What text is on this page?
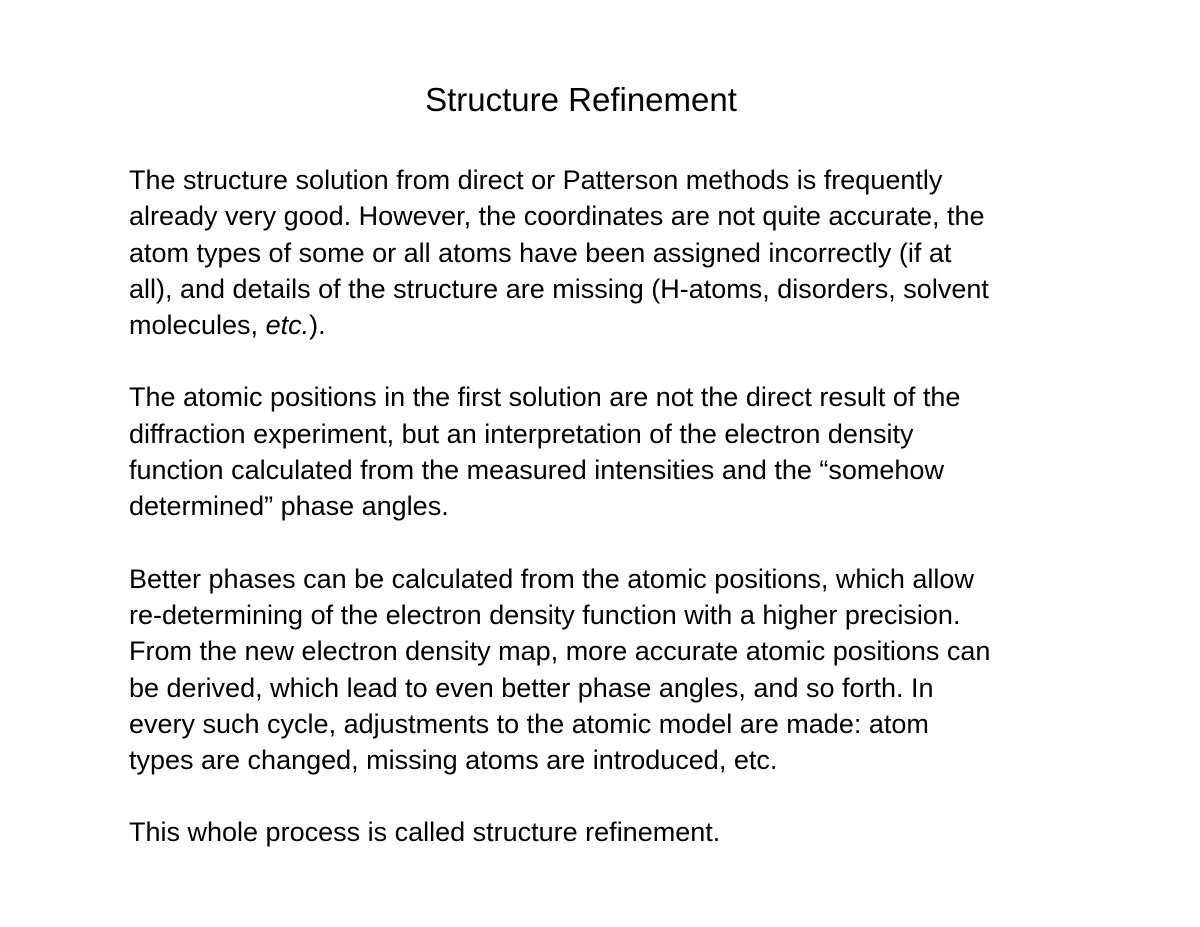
Structure Refinement

The structure solution from direct or Patterson methods is frequently
already very good. However, the coordinates are not quite accurate, the
atom types of some or all atoms have been assigned incorrectly (if at
all), and details of the structure are missing (H-atoms, disorders, solvent
molecules, etc.).

The atomic positions in the first solution are not the direct result of the
diffraction experiment, but an interpretation of the electron density
function calculated from the measured intensities and the “somehow
determined” phase angles.

Better phases can be calculated from the atomic positions, which allow
re-determining of the electron density function with a higher precision.
From the new electron density map, more accurate atomic positions can
be derived, which lead to even better phase angles, and so forth. In
every such cycle, adjustments to the atomic model are made: atom
types are changed, missing atoms are introduced, etc.

This whole process is called structure refinement.
